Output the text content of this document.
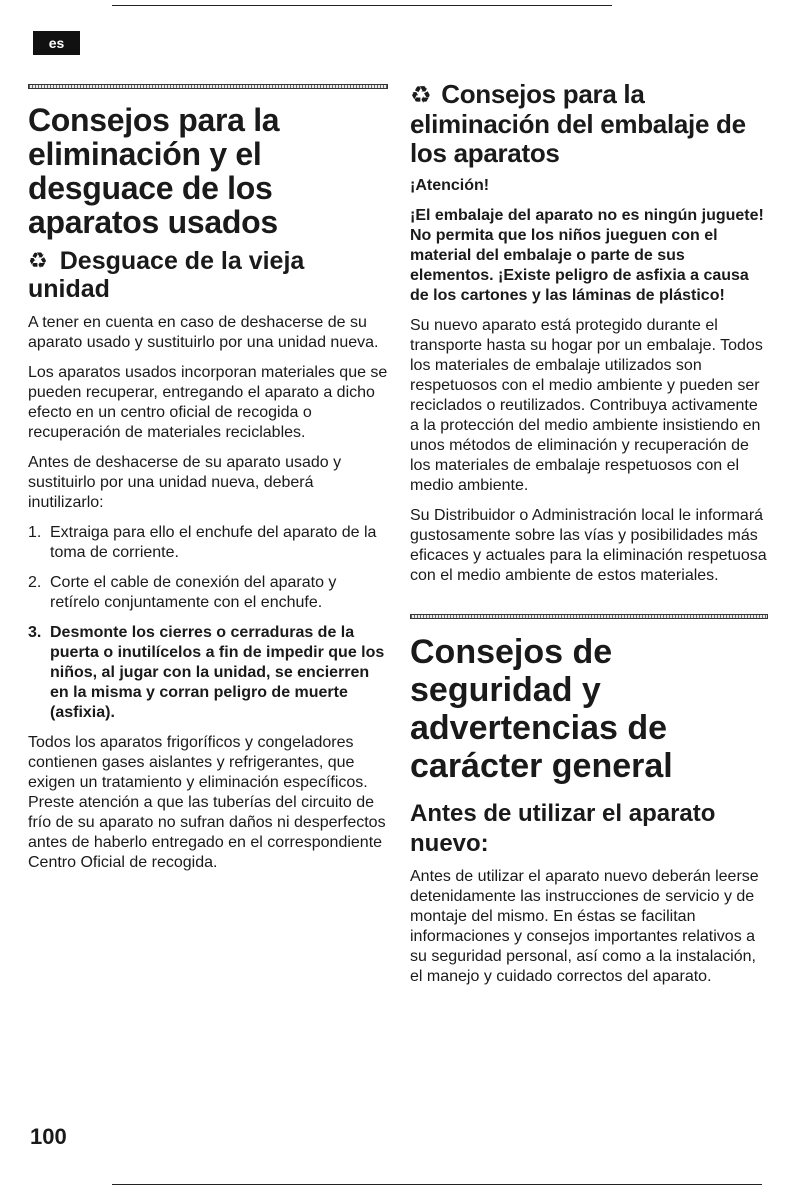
es
Consejos para la eliminación y el desguace de los aparatos usados
♻ Desguace de la vieja unidad

A tener en cuenta en caso de deshacerse de su aparato usado y sustituirlo por una unidad nueva.

Los aparatos usados incorporan materiales que se pueden recuperar, entregando el aparato a dicho efecto en un centro oficial de recogida o recuperación de materiales reciclables.

Antes de deshacerse de su aparato usado y sustituirlo por una unidad nueva, deberá inutilizarlo:

1. Extraiga para ello el enchufe del aparato de la toma de corriente.
2. Corte el cable de conexión del aparato y retírelo conjuntamente con el enchufe.
3. Desmonte los cierres o cerraduras de la puerta o inutilícelos a fin de impedir que los niños, al jugar con la unidad, se encierren en la misma y corran peligro de muerte (asfixia).

Todos los aparatos frigoríficos y congeladores contienen gases aislantes y refrigerantes, que exigen un tratamiento y eliminación específicos. Preste atención a que las tuberías del circuito de frío de su aparato no sufran daños ni desperfectos antes de haberlo entregado en el correspondiente Centro Oficial de recogida.

♻ Consejos para la eliminación del embalaje de los aparatos

¡Atención!

¡El embalaje del aparato no es ningún juguete! No permita que los niños jueguen con el material del embalaje o parte de sus elementos. ¡Existe peligro de asfixia a causa de los cartones y las láminas de plástico!

Su nuevo aparato está protegido durante el transporte hasta su hogar por un embalaje. Todos los materiales de embalaje utilizados son respetuosos con el medio ambiente y pueden ser reciclados o reutilizados. Contribuya activamente a la protección del medio ambiente insistiendo en unos métodos de eliminación y recuperación de los materiales de embalaje respetuosos con el medio ambiente.

Su Distribuidor o Administración local le informará gustosamente sobre las vías y posibilidades más eficaces y actuales para la eliminación respetuosa con el medio ambiente de estos materiales.

Consejos de seguridad y advertencias de carácter general
Antes de utilizar el aparato nuevo:

Antes de utilizar el aparato nuevo deberán leerse detenidamente las instrucciones de servicio y de montaje del mismo. En éstas se facilitan informaciones y consejos importantes relativos a su seguridad personal, así como a la instalación, el manejo y cuidado correctos del aparato.

100
